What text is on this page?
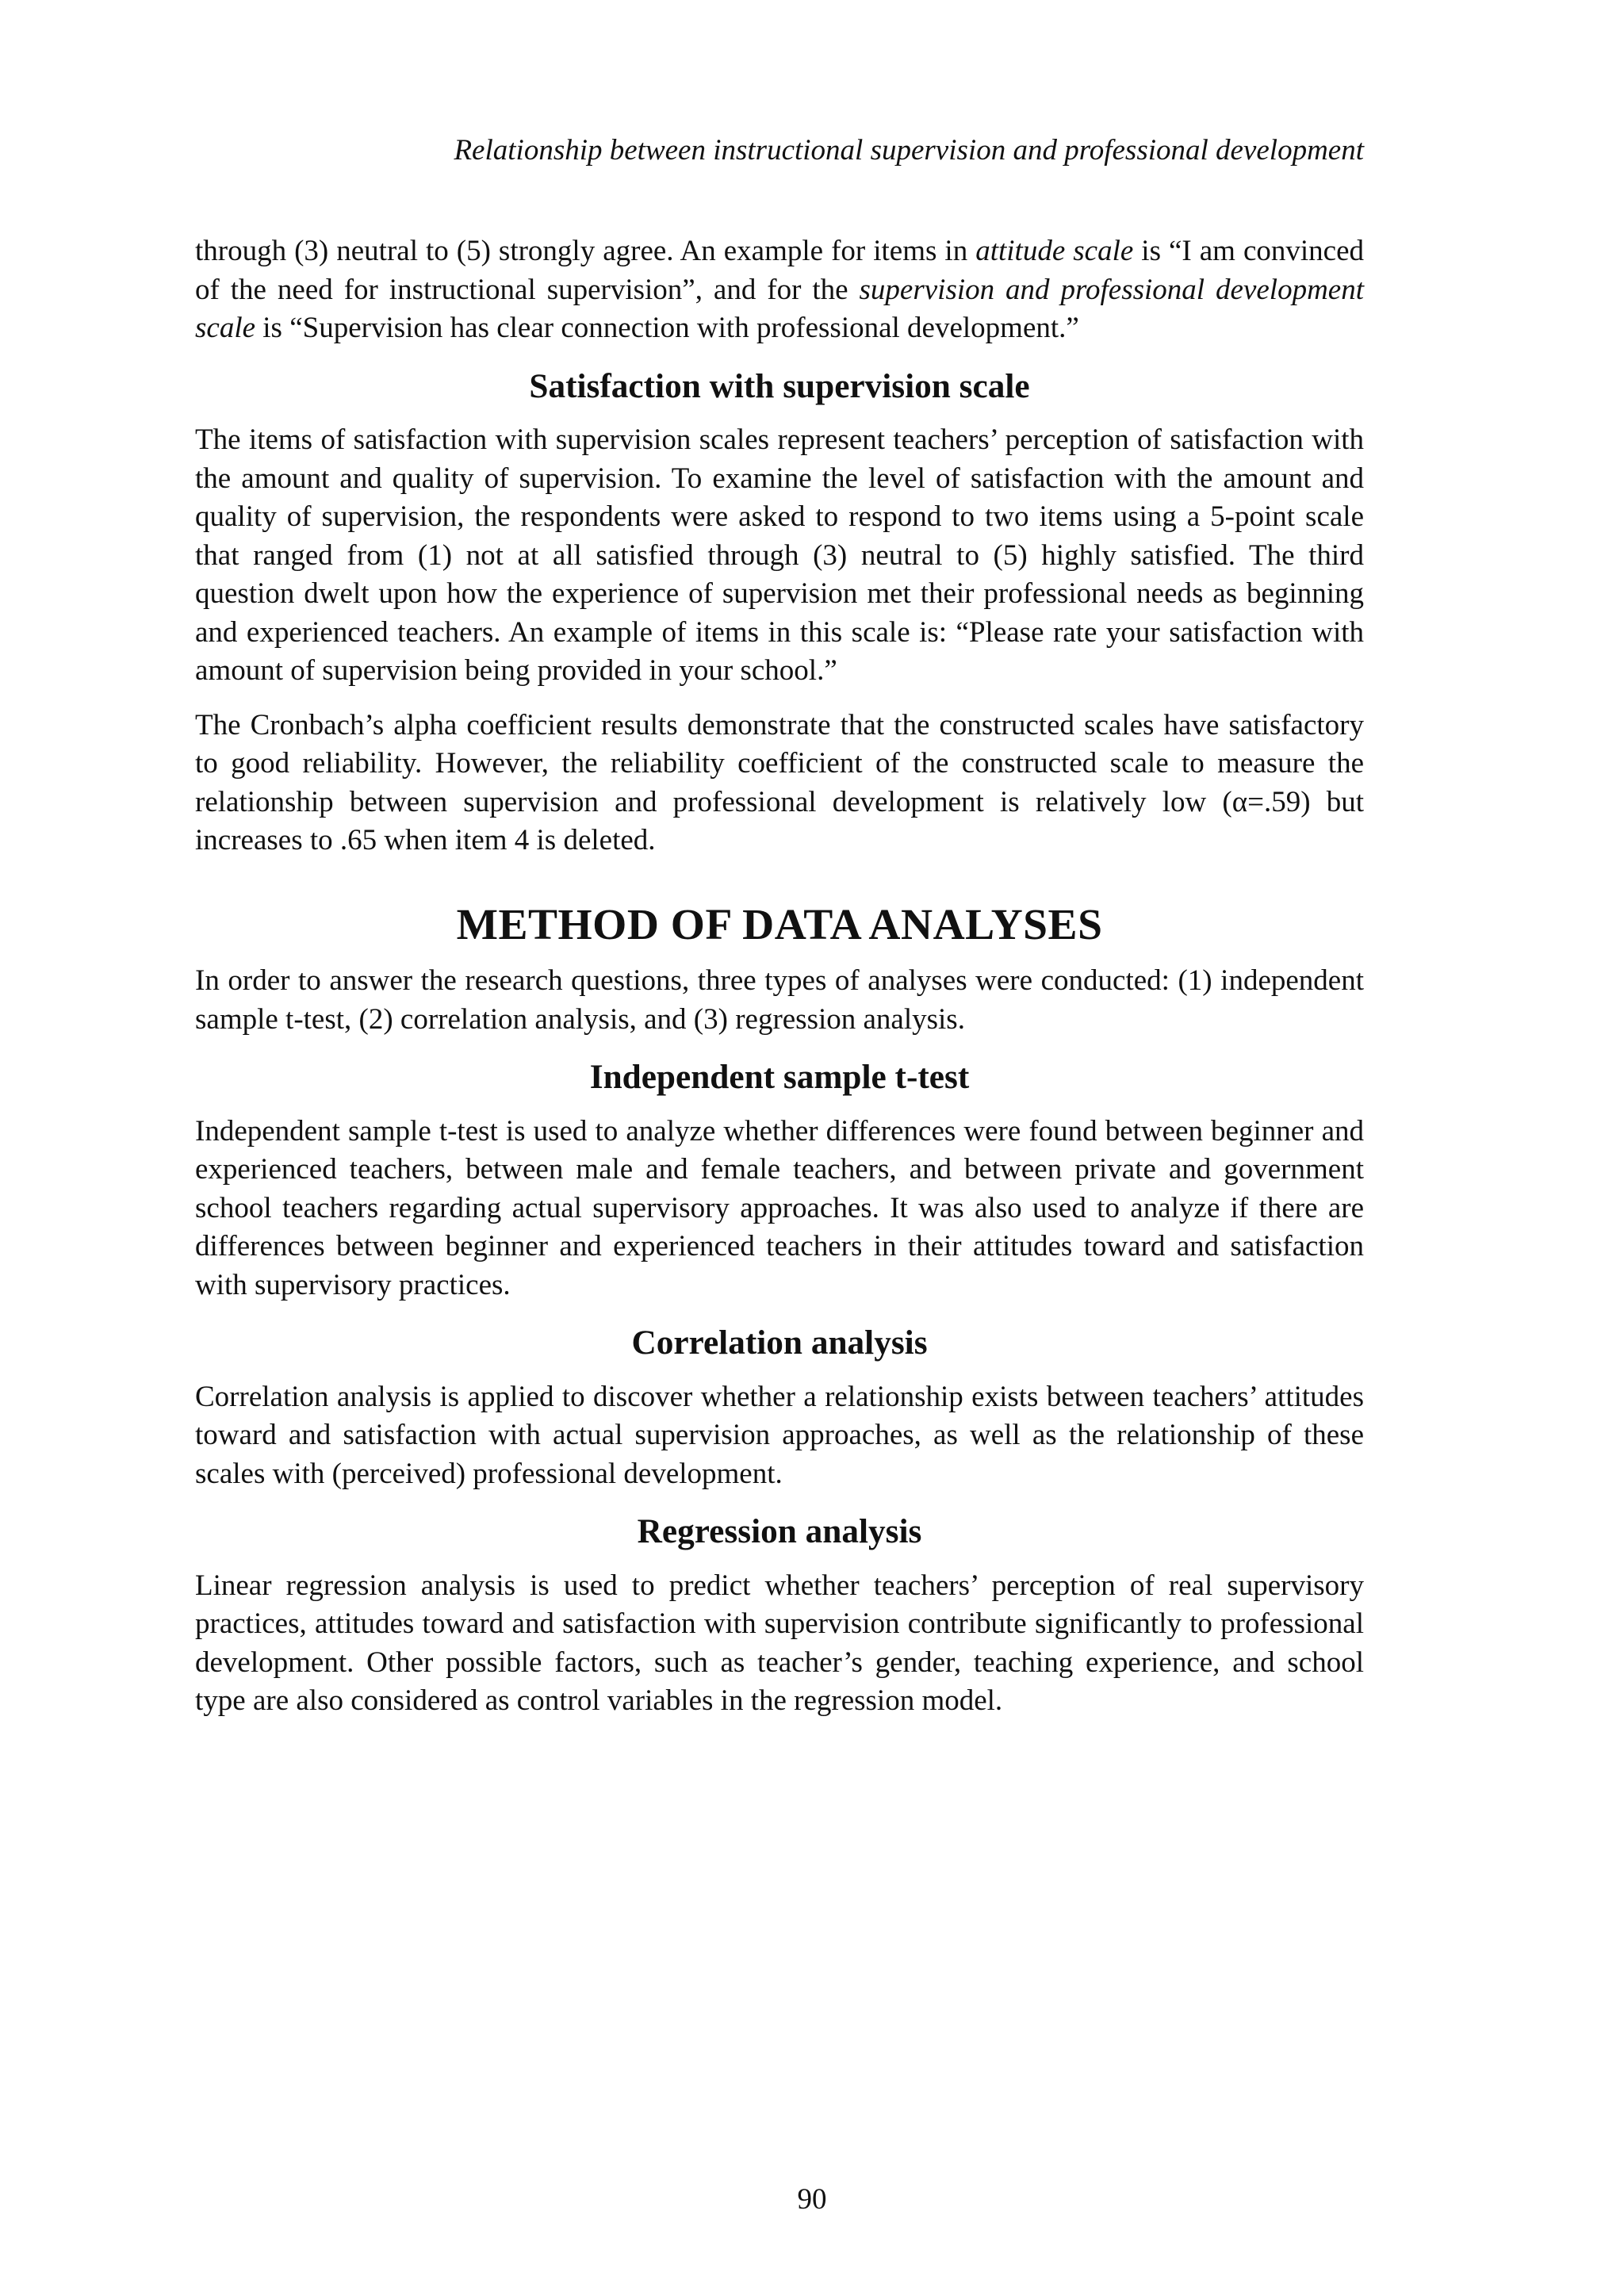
Relationship between instructional supervision and professional development

through (3) neutral to (5) strongly agree. An example for items in attitude scale is “I am convinced of the need for instructional supervision”, and for the supervision and professional development scale is “Supervision has clear connection with professional development.”

Satisfaction with supervision scale

The items of satisfaction with supervision scales represent teachers’ perception of satisfaction with the amount and quality of supervision. To examine the level of satisfaction with the amount and quality of supervision, the respondents were asked to respond to two items using a 5-point scale that ranged from (1) not at all satisfied through (3) neutral to (5) highly satisfied. The third question dwelt upon how the experience of supervision met their professional needs as beginning and experienced teachers. An example of items in this scale is: “Please rate your satisfaction with amount of supervision being provided in your school.”

The Cronbach’s alpha coefficient results demonstrate that the constructed scales have satisfactory to good reliability. However, the reliability coefficient of the constructed scale to measure the relationship between supervision and professional development is relatively low (α=.59) but increases to .65 when item 4 is deleted.

METHOD OF DATA ANALYSES

In order to answer the research questions, three types of analyses were conducted: (1) independent sample t-test, (2) correlation analysis, and (3) regression analysis.

Independent sample t-test

Independent sample t-test is used to analyze whether differences were found between beginner and experienced teachers, between male and female teachers, and between private and government school teachers regarding actual supervisory approaches. It was also used to analyze if there are differences between beginner and experienced teachers in their attitudes toward and satisfaction with supervisory practices.

Correlation analysis

Correlation analysis is applied to discover whether a relationship exists between teachers’ attitudes toward and satisfaction with actual supervision approaches, as well as the relationship of these scales with (perceived) professional development.

Regression analysis

Linear regression analysis is used to predict whether teachers’ perception of real supervisory practices, attitudes toward and satisfaction with supervision contribute significantly to professional development. Other possible factors, such as teacher’s gender, teaching experience, and school type are also considered as control variables in the regression model.

90
